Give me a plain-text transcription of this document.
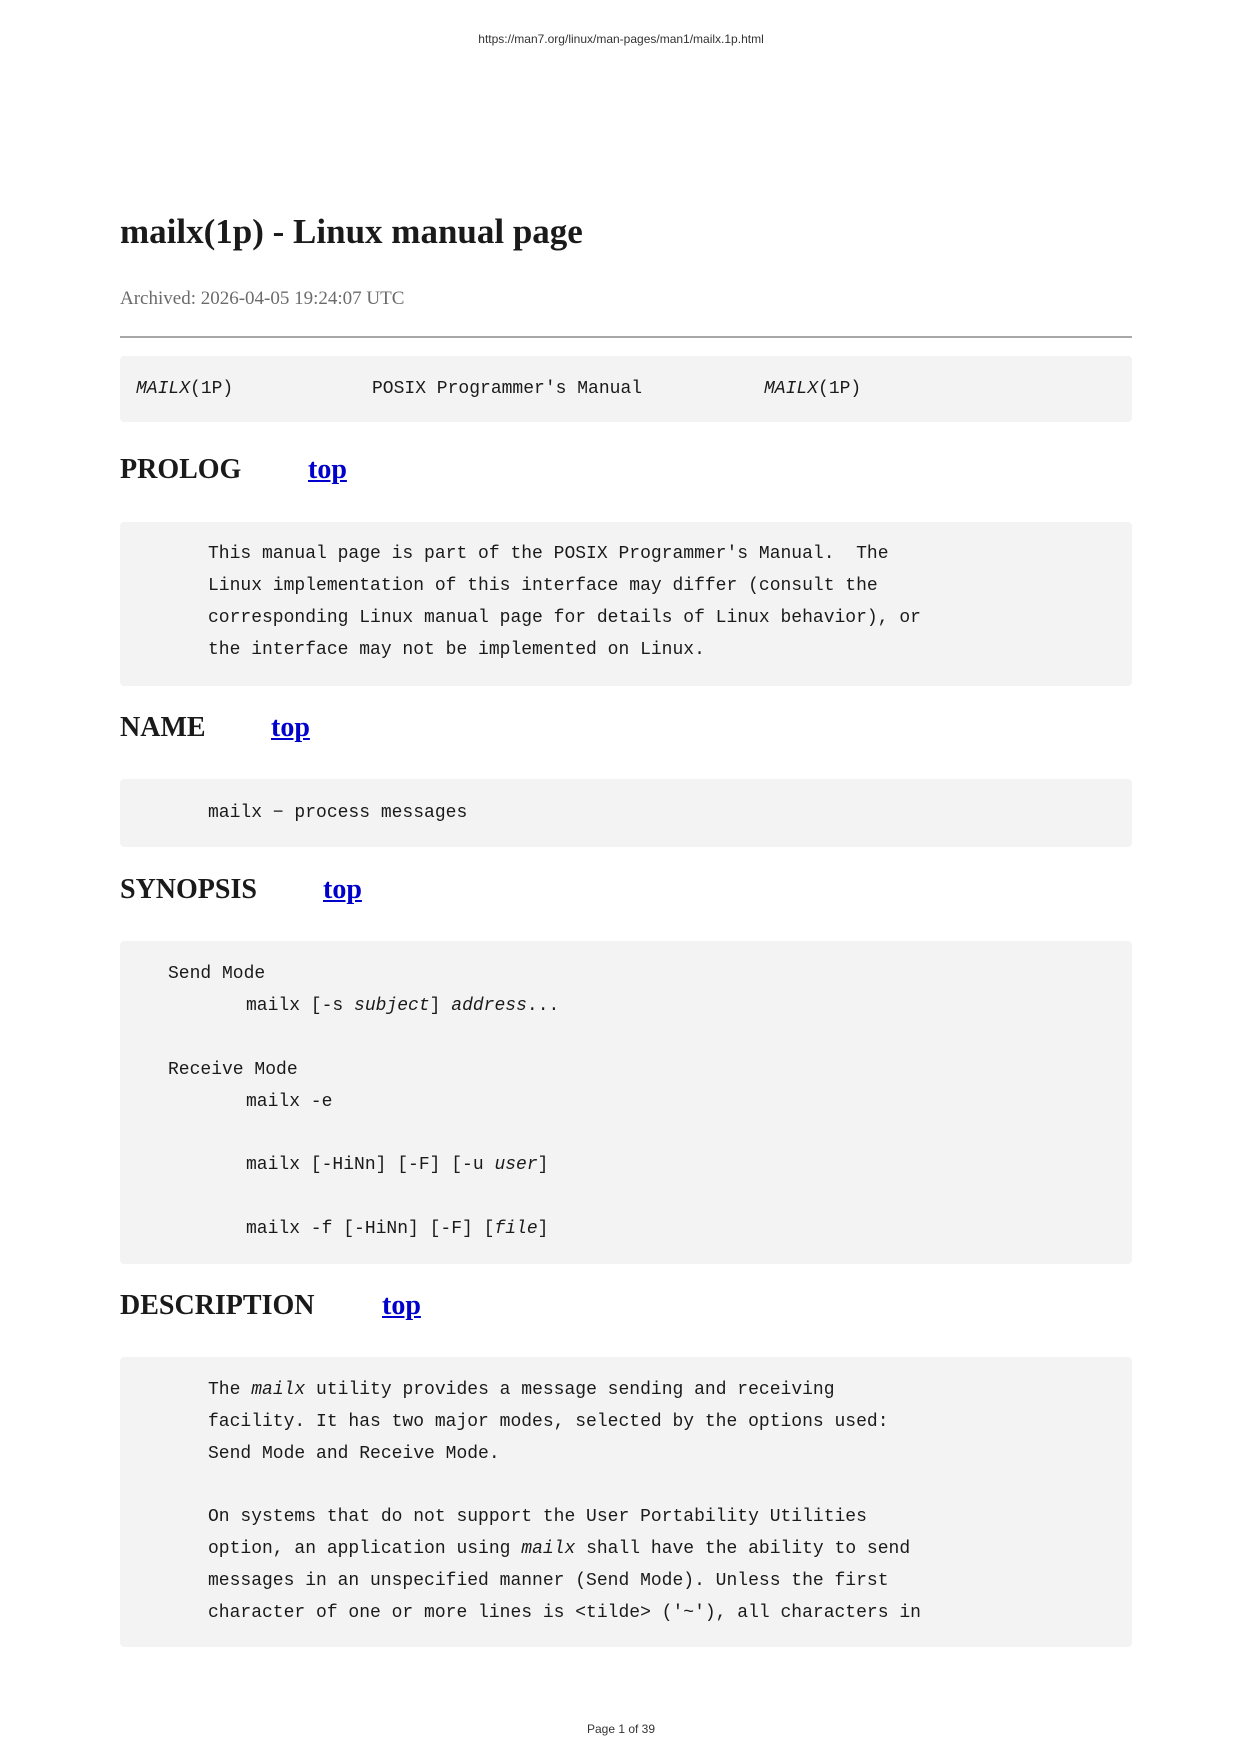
https://man7.org/linux/man-pages/man1/mailx.1p.html
mailx(1p) - Linux manual page
Archived: 2026-04-05 19:24:07 UTC
MAILX(1P)	POSIX Programmer's Manual	MAILX(1P)
PROLOG top
This manual page is part of the POSIX Programmer's Manual.  The
Linux implementation of this interface may differ (consult the
corresponding Linux manual page for details of Linux behavior), or
the interface may not be implemented on Linux.
NAME top
mailx − process messages
SYNOPSIS top
Send Mode
mailx [-s subject] address...
Receive Mode
mailx -e
mailx [-HiNn] [-F] [-u user]
mailx -f [-HiNn] [-F] [file]
DESCRIPTION top
The mailx utility provides a message sending and receiving
facility. It has two major modes, selected by the options used:
Send Mode and Receive Mode.
On systems that do not support the User Portability Utilities
option, an application using mailx shall have the ability to send
messages in an unspecified manner (Send Mode). Unless the first
character of one or more lines is <tilde> ('~'), all characters in
Page 1 of 39
